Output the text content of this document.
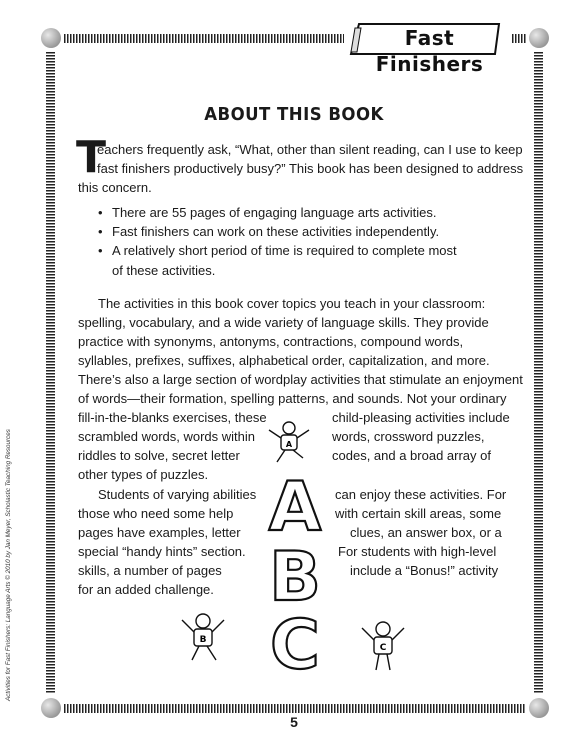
Fast Finishers
Activities for Fast Finishers: Language Arts © 2010 by Jan Meyer, Scholastic Teaching Resources
ABOUT THIS BOOK
T
eachers frequently ask, “What, other than silent reading, can I use to keep
fast finishers productively busy?” This book has been designed to address
this concern.
• There are 55 pages of engaging language arts activities.
• Fast finishers can work on these activities independently.
• A relatively short period of time is required to complete most
of these activities.
The activities in this book cover topics you teach in your classroom:
spelling, vocabulary, and a wide variety of language skills. They provide
practice with synonyms, antonyms, contractions, compound words,
syllables, prefixes, suffixes, alphabetical order, capitalization, and more.
There’s also a large section of wordplay activities that stimulate an enjoyment
of words—their formation, spelling patterns, and sounds. Not your ordinary
fill-in-the-blanks exercises, these	child-pleasing activities include
scrambled words, words within	words, crossword puzzles,
riddles to solve, secret letter	codes, and a broad array of
other types of puzzles.
Students of varying abilities	can enjoy these activities. For
those who need some help	with certain skill areas, some
pages have examples, letter	clues, an answer box, or a
special “handy hints” section.	For students with high-level
skills, a number of pages	include a “Bonus!” activity
for an added challenge.
A
A
B
C
B
C
5
